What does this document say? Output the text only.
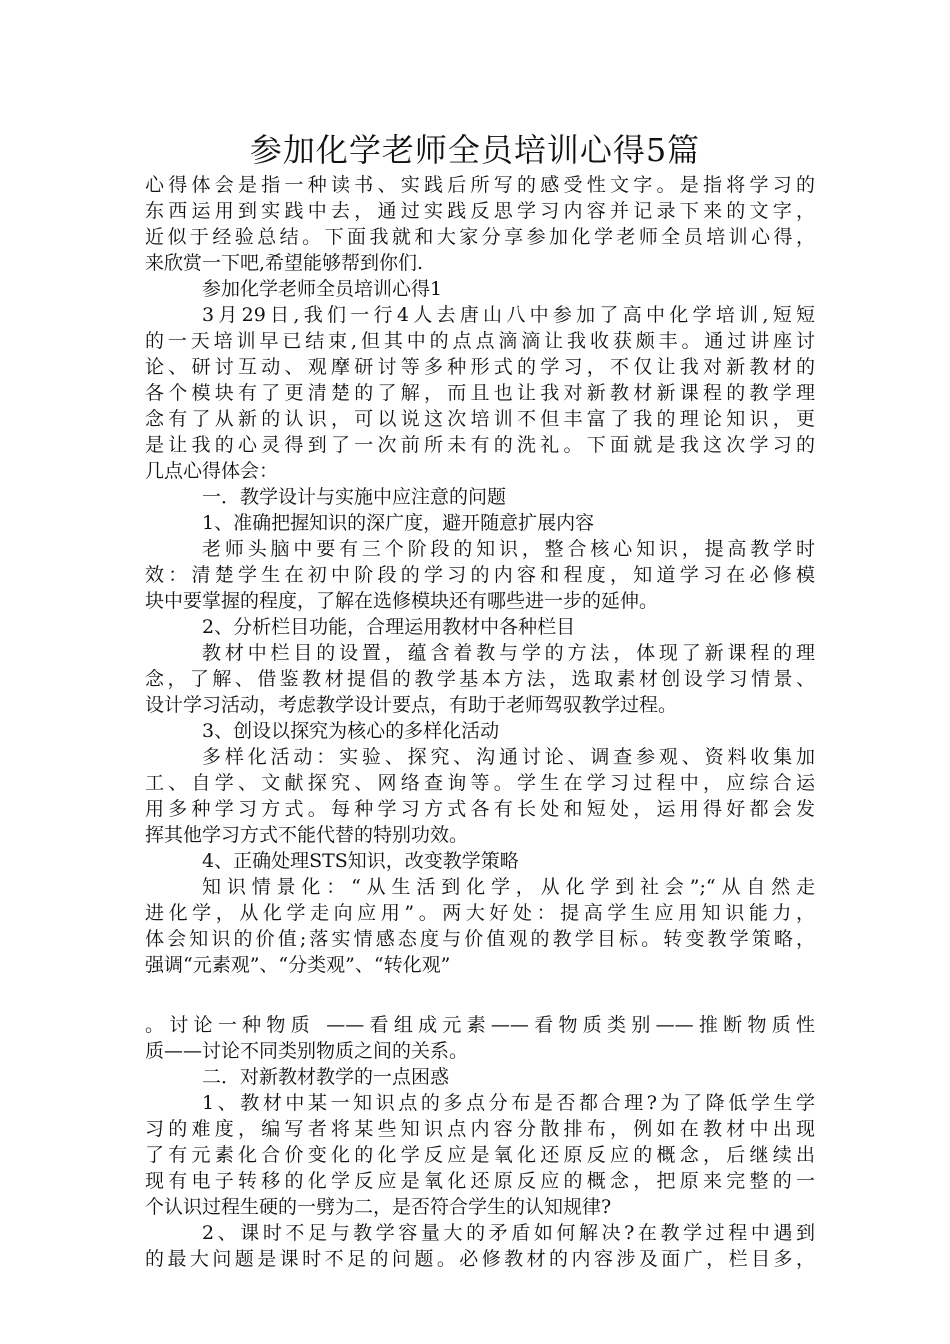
参加化学老师全员培训心得5篇
心得体会是指一种读书、实践后所写的感受性文字。是指将学习的
东西运用到实践中去，通过实践反思学习内容并记录下来的文字，
近似于经验总结。下面我就和大家分享参加化学老师全员培训心得，
来欣赏一下吧,希望能够帮到你们.
参加化学老师全员培训心得1
3月29日,我们一行4人去唐山八中参加了高中化学培训,短短
的一天培训早已结束,但其中的点点滴滴让我收获颇丰。通过讲座讨
论、研讨互动、观摩研讨等多种形式的学习，不仅让我对新教材的
各个模块有了更清楚的了解，而且也让我对新教材新课程的教学理
念有了从新的认识，可以说这次培训不但丰富了我的理论知识，更
是让我的心灵得到了一次前所未有的洗礼。下面就是我这次学习的
几点心得体会：
一．教学设计与实施中应注意的问题
1、准确把握知识的深广度，避开随意扩展内容
老师头脑中要有三个阶段的知识，整合核心知识，提高教学时
效：清楚学生在初中阶段的学习的内容和程度，知道学习在必修模
块中要掌握的程度，了解在选修模块还有哪些进一步的延伸。
2、分析栏目功能，合理运用教材中各种栏目
教材中栏目的设置，蕴含着教与学的方法，体现了新课程的理
念，了解、借鉴教材提倡的教学基本方法，选取素材创设学习情景、
设计学习活动，考虑教学设计要点，有助于老师驾驭教学过程。
3、创设以探究为核心的多样化活动
多样化活动：实验、探究、沟通讨论、调查参观、资料收集加
工、自学、文献探究、网络查询等。学生在学习过程中，应综合运
用多种学习方式。每种学习方式各有长处和短处，运用得好都会发
挥其他学习方式不能代替的特别功效。
4、正确处理STS知识，改变教学策略
知识情景化：“从生活到化学，从化学到社会”;“从自然走
进化学，从化学走向应用”。两大好处：提高学生应用知识能力，
体会知识的价值;落实情感态度与价值观的教学目标。转变教学策略，
强调“元素观”、“分类观”、“转化观”
。讨论一种物质 ——看组成元素——看物质类别——推断物质性
质——讨论不同类别物质之间的关系。
二．对新教材教学的一点困惑
1、教材中某一知识点的多点分布是否都合理?为了降低学生学
习的难度，编写者将某些知识点内容分散排布，例如在教材中出现
了有元素化合价变化的化学反应是氧化还原反应的概念，后继续出
现有电子转移的化学反应是氧化还原反应的概念，把原来完整的一
个认识过程生硬的一劈为二，是否符合学生的认知规律?
2、课时不足与教学容量大的矛盾如何解决?在教学过程中遇到
的最大问题是课时不足的问题。必修教材的内容涉及面广，栏目多，
